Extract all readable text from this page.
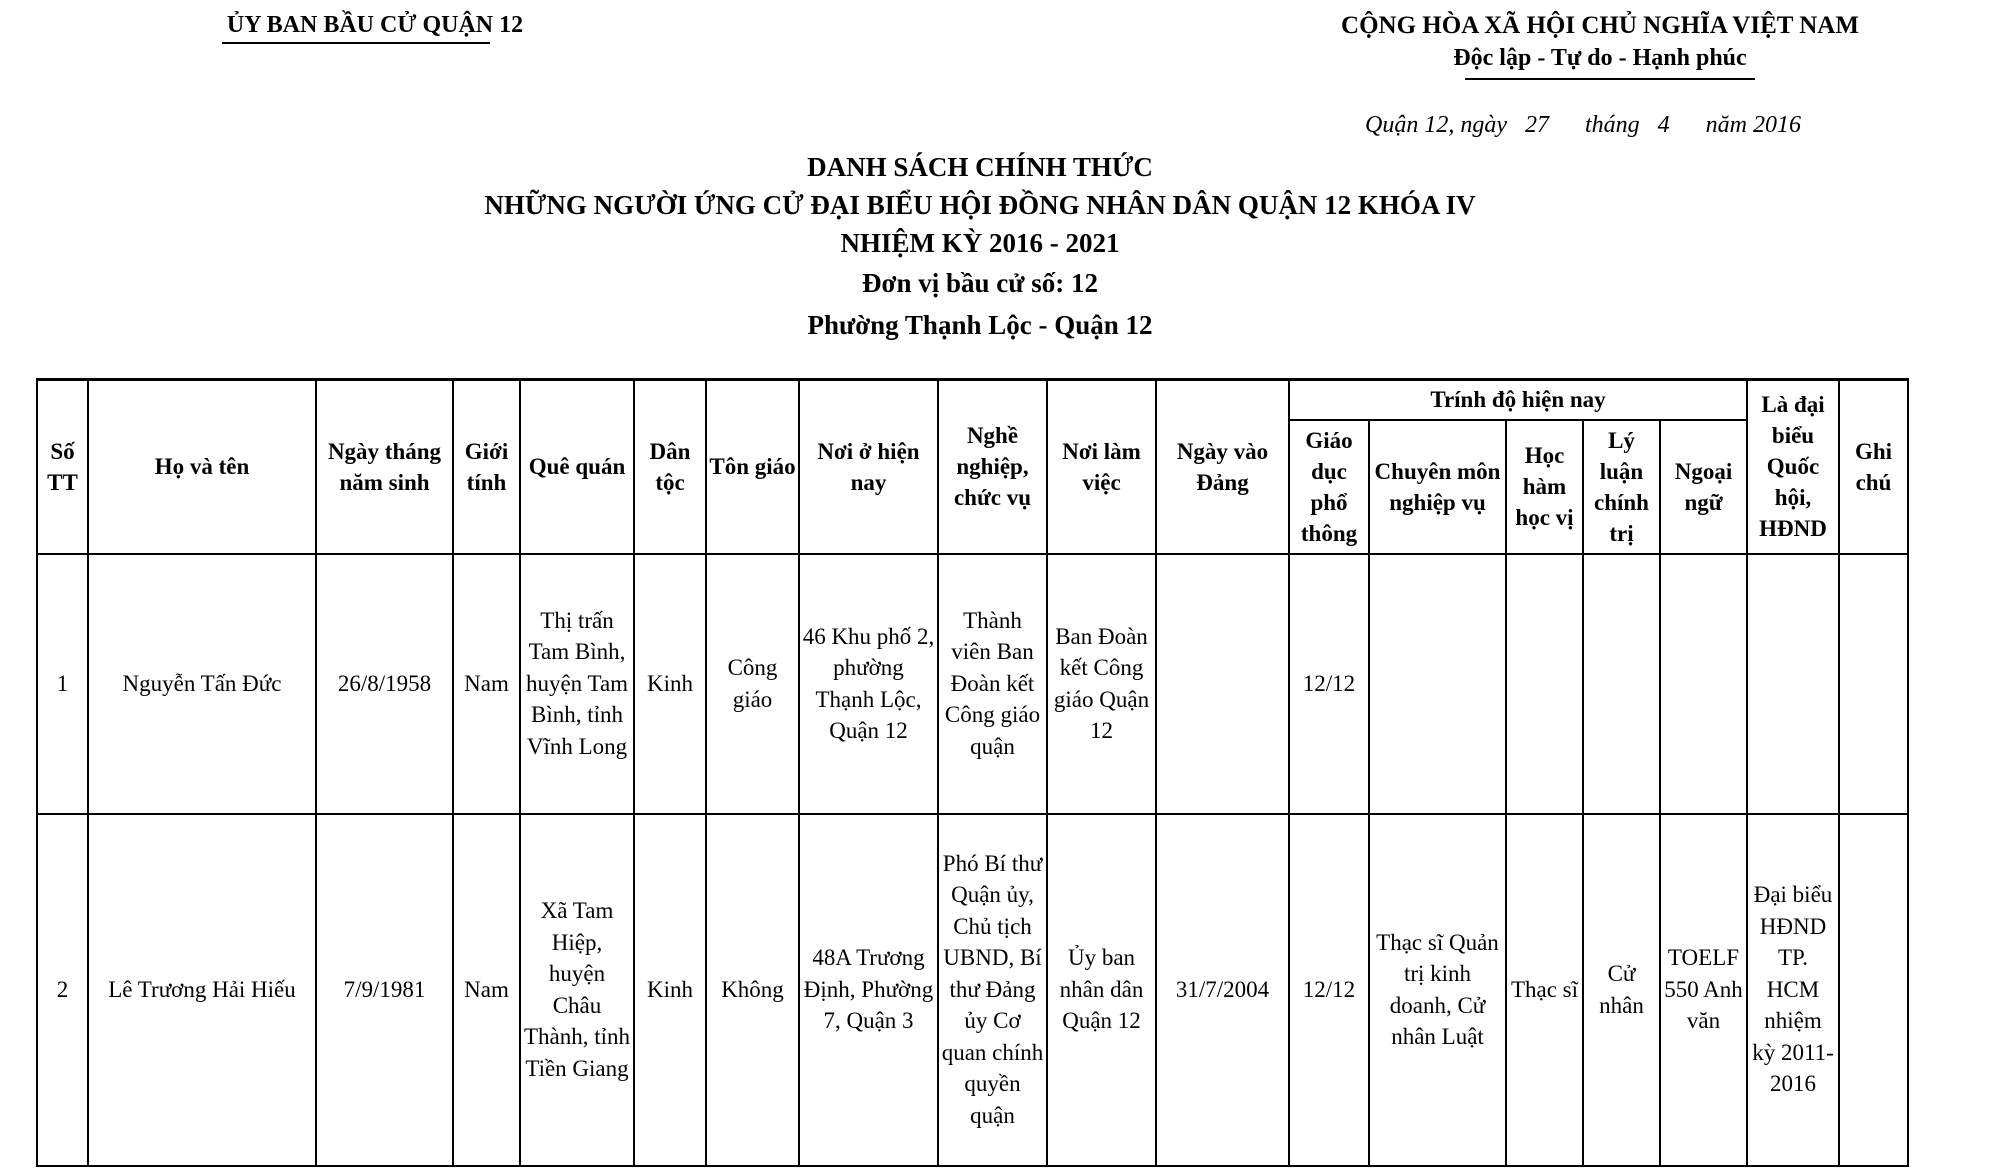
ỦY BAN BẦU CỬ QUẬN 12	CỘNG HÒA XÃ HỘI CHỦ NGHĨA VIỆT NAM
Độc lập - Tự do - Hạnh phúc
Quận 12, ngày   27      tháng   4      năm 2016
DANH SÁCH CHÍNH THỨC
NHỮNG NGƯỜI ỨNG CỬ ĐẠI BIỂU HỘI ĐỒNG NHÂN DÂN QUẬN 12 KHÓA IV
NHIỆM KỲ 2016 - 2021
Đơn vị bầu cử số: 12
Phường Thạnh Lộc - Quận 12
Số TT	Họ và tên	Ngày tháng năm sinh	Giới tính	Quê quán	Dân tộc	Tôn giáo	Nơi ở hiện nay	Nghề nghiệp, chức vụ	Nơi làm việc	Ngày vào Đảng	Trính độ hiện nay					Là đại biểu Quốc hội, HĐND	Ghi chú
											Giáo dục phổ thông	Chuyên môn nghiệp vụ	Học hàm học vị	Lý luận chính trị	Ngoại ngữ		
1	Nguyễn Tấn Đức	26/8/1958	Nam	Thị trấn Tam Bình, huyện Tam Bình, tỉnh Vĩnh Long	Kinh	Công giáo	46 Khu phố 2, phường Thạnh Lộc, Quận 12	Thành viên Ban Đoàn kết Công giáo quận	Ban Đoàn kết Công giáo Quận 12		12/12						
2	Lê Trương Hải Hiếu	7/9/1981	Nam	Xã Tam Hiệp, huyện Châu Thành, tỉnh Tiền Giang	Kinh	Không	48A Trương Định, Phường 7, Quận 3	Phó Bí thư Quận ủy, Chủ tịch UBND, Bí thư Đảng ủy Cơ quan chính quyền quận	Ủy ban nhân dân Quận 12	31/7/2004	12/12	Thạc sĩ Quản trị kinh doanh, Cử nhân Luật	Thạc sĩ	Cử nhân	TOELF 550 Anh văn	Đại biểu HĐND TP. HCM nhiệm kỳ 2011-2016	
